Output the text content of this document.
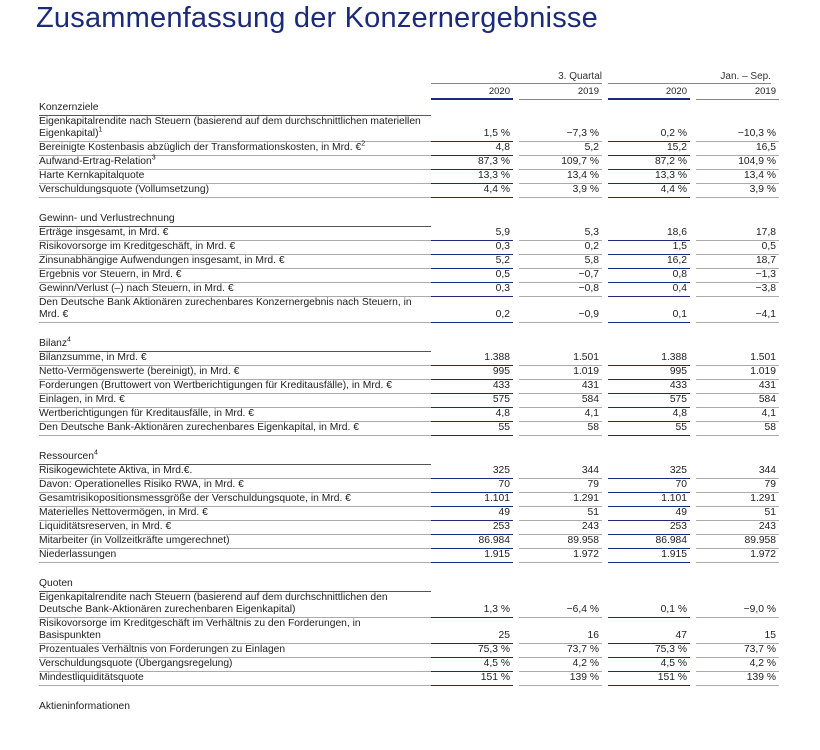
Zusammenfassung der Konzernergebnisse
3. Quartal	Jan. – Sep.
	2020		2019		2020		2019
Konzernziele							
Eigenkapitalrendite nach Steuern (basierend auf dem durchschnittlichen materiellen Eigenkapital)$^1$	1,5 %		−7,3 %		0,2 %		−10,3 %
Bereinigte Kostenbasis abzüglich der Transformationskosten, in Mrd. €$^2$	4,8		5,2		15,2		16,5
Aufwand-Ertrag-Relation$^3$	87,3 %		109,7 %		87,2 %		104,9 %
Harte Kernkapitalquote	13,3 %		13,4 %		13,3 %		13,4 %
Verschuldungsquote (Vollumsetzung)	4,4 %		3,9 %		4,4 %		3,9 %

Gewinn- und Verlustrechnung							
Erträge insgesamt, in Mrd. €	5,9		5,3		18,6		17,8
Risikovorsorge im Kreditgeschäft, in Mrd. €	0,3		0,2		1,5		0,5
Zinsunabhängige Aufwendungen insgesamt, in Mrd. €	5,2		5,8		16,2		18,7
Ergebnis vor Steuern, in Mrd. €	0,5		−0,7		0,8		−1,3
Gewinn/Verlust (–) nach Steuern, in Mrd. €	0,3		−0,8		0,4		−3,8
Den Deutsche Bank Aktionären zurechenbares Konzernergebnis nach Steuern, in Mrd. €	0,2		−0,9		0,1		−4,1

Bilanz$^4$	
Bilanzsumme, in Mrd. €	1.388		1.501		1.388		1.501
Netto-Vermögenswerte (bereinigt), in Mrd. €	995		1.019		995		1.019
Forderungen (Bruttowert von Wertberichtigungen für Kreditausfälle), in Mrd. €	433		431		433		431
Einlagen, in Mrd. €	575		584		575		584
Wertberichtigungen für Kreditausfälle, in Mrd. €	4,8		4,1		4,8		4,1
Den Deutsche Bank-Aktionären zurechenbares Eigenkapital, in Mrd. €	55		58		55		58

Ressourcen$^4$	
Risikogewichtete Aktiva, in Mrd.€.	325		344		325		344
Davon: Operationelles Risiko RWA, in Mrd. €	70		79		70		79
Gesamtrisikopositionsmessgröße der Verschuldungsquote, in Mrd. €	1.101		1.291		1.101		1.291
Materielles Nettovermögen, in Mrd. €	49		51		49		51
Liquiditätsreserven, in Mrd. €	253		243		253		243
Mitarbeiter (in Vollzeitkräfte umgerechnet)	86.984		89.958		86.984		89.958
Niederlassungen	1.915		1.972		1.915		1.972

Quoten							
Eigenkapitalrendite nach Steuern (basierend auf dem durchschnittlichen den Deutsche Bank-Aktionären zurechenbaren Eigenkapital)	1,3 %		−6,4 %		0,1 %		−9,0 %
Risikovorsorge im Kreditgeschäft im Verhältnis zu den Forderungen, in Basispunkten	25		16		47		15
Prozentuales Verhältnis von Forderungen zu Einlagen	75,3 %		73,7 %		75,3 %		73,7 %
Verschuldungsquote (Übergangsregelung)	4,5 %		4,2 %		4,5 %		4,2 %
Mindestliquiditätsquote	151 %		139 %		151 %		139 %

Aktieninformationen							
